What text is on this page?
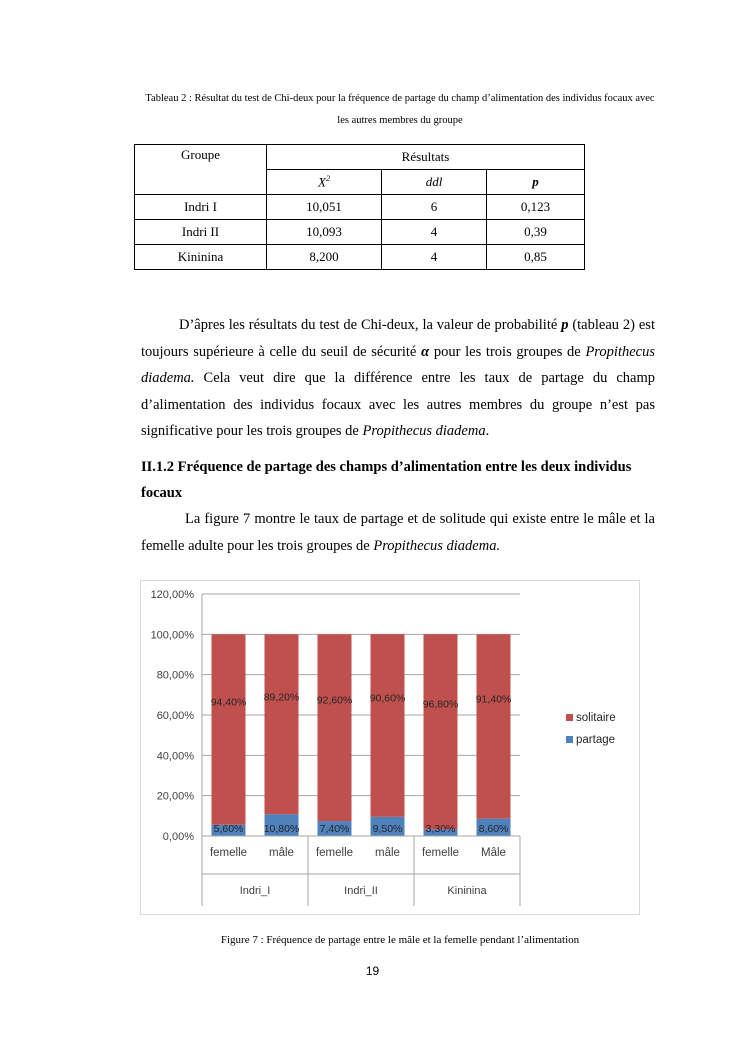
Tableau 2 : Résultat du test de Chi-deux pour la fréquence de partage du champ d’alimentation des individus focaux avec les autres membres du groupe
Groupe	Résultats		
	$X^2$	ddl	p
Indri I	10,051	6	0,123
Indri II	10,093	4	0,39
Kininina	8,200	4	0,85
D’âpres les résultats du test de Chi-deux, la valeur de probabilité p (tableau 2) est toujours supérieure à celle du seuil de sécurité α pour les trois groupes de Propithecus diadema. Cela veut dire que la différence entre les taux de partage du champ d’alimentation des individus focaux avec les autres membres du groupe n’est pas significative pour les trois groupes de Propithecus diadema.
II.1.2 Fréquence de partage des champs d’alimentation entre les deux individus focaux
La figure 7 montre le taux de partage et de solitude qui existe entre le mâle et la femelle adulte pour les trois groupes de Propithecus diadema.
0,00%
20,00%
40,00%
60,00%
80,00%
100,00%
120,00%
94,40%
5,60%
89,20%
10,80%
92,60%
7,40%
90,60%
9,50%
96,80%
3,30%
91,40%
8,60%
femelle mâle femelle mâle femelle Mâle
Indri_I	Indri_II	Kininina
solitaire
partage
Figure 7 : Fréquence de partage entre le mâle et la femelle pendant l’alimentation
19
